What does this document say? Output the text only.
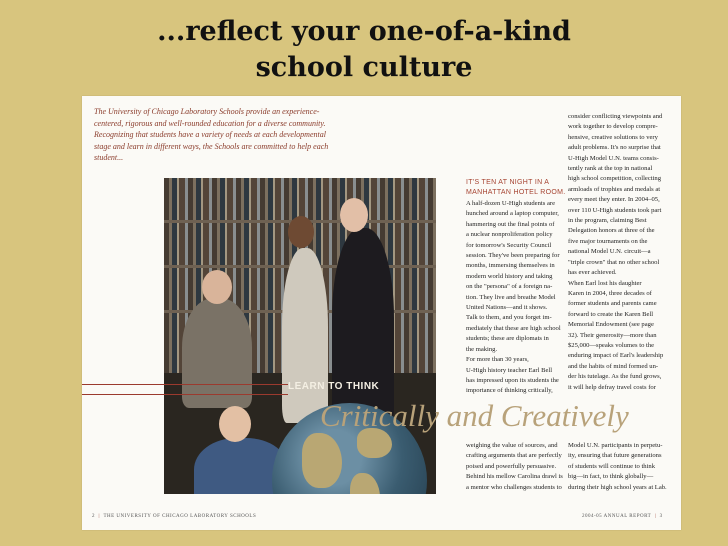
...reflect your one-of-a-kind
school culture
The University of Chicago Laboratory Schools provide an experience-centered, rigorous and well-rounded education for a diverse community. Recognizing that students have a variety of needs at each developmental stage and learn in different ways, the Schools are committed to help each student...
LEARN TO THINK
Critically and Creatively
IT'S TEN AT NIGHT IN A
MANHATTAN HOTEL ROOM.
A half-dozen U-High students are
hunched around a laptop computer,
hammering out the final points of
a nuclear nonproliferation policy
for tomorrow's Security Council
session. They've been preparing for
months, immersing themselves in
modern world history and taking
on the "persona" of a foreign na-
tion. They live and breathe Model
United Nations—and it shows.
Talk to them, and you forget im-
mediately that these are high school
students; these are diplomats in
the making.
For more than 30 years,
U-High history teacher Earl Bell
has impressed upon its students the
importance of thinking critically,
weighing the value of sources, and
crafting arguments that are perfectly
poised and powerfully persuasive.
Behind his mellow Carolina drawl is
a mentor who challenges students to
consider conflicting viewpoints and
work together to develop compre-
hensive, creative solutions to very
adult problems. It's no surprise that
U-High Model U.N. teams consis-
tently rank at the top in national
high school competition, collecting
armloads of trophies and medals at
every meet they enter. In 2004–05,
over 110 U-High students took part
in the program, claiming Best
Delegation honors at three of the
five major tournaments on the
national Model U.N. circuit—a
"triple crown" that no other school
has ever achieved.
When Earl lost his daughter
Karen in 2004, three decades of
former students and parents came
forward to create the Karen Bell
Memorial Endowment (see page
32). Their generosity—more than
$25,000—speaks volumes to the
enduring impact of Earl's leadership
and the habits of mind formed un-
der his tutelage. As the fund grows,
it will help defray travel costs for
Model U.N. participants in perpetu-
ity, ensuring that future generations
of students will continue to think
big—in fact, to think globally—
during their high school years at Lab.
2  |  THE UNIVERSITY OF CHICAGO LABORATORY SCHOOLS	2004-05 ANNUAL REPORT  |  3
